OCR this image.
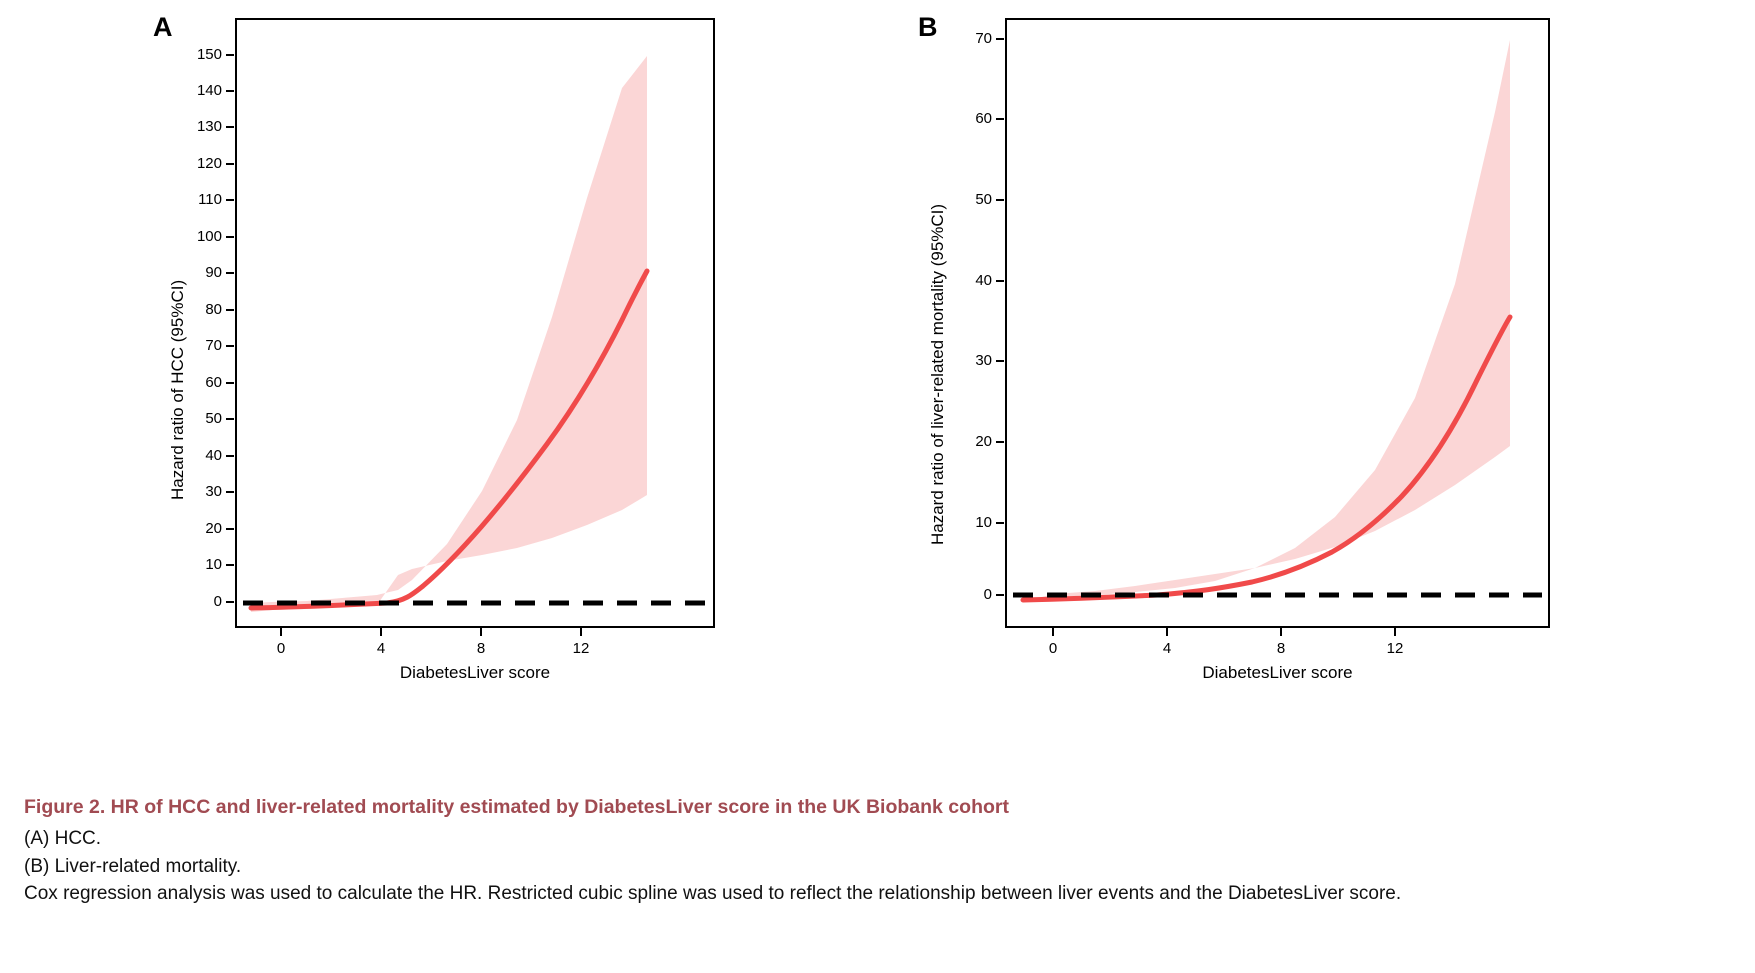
A
Hazard ratio of HCC (95%CI)
150
140
130
120
110
100
90
80
70
60
50
40
30
20
10
0
0	4	8	12
DiabetesLiver score
B
Hazard ratio of liver-related mortality (95%CI)
70
60
50
40
30
20
10
0
0	4	8	12
DiabetesLiver score
Figure 2. HR of HCC and liver-related mortality estimated by DiabetesLiver score in the UK Biobank cohort

(A) HCC.

(B) Liver-related mortality.

Cox regression analysis was used to calculate the HR. Restricted cubic spline was used to reflect the relationship between liver events and the DiabetesLiver score.
